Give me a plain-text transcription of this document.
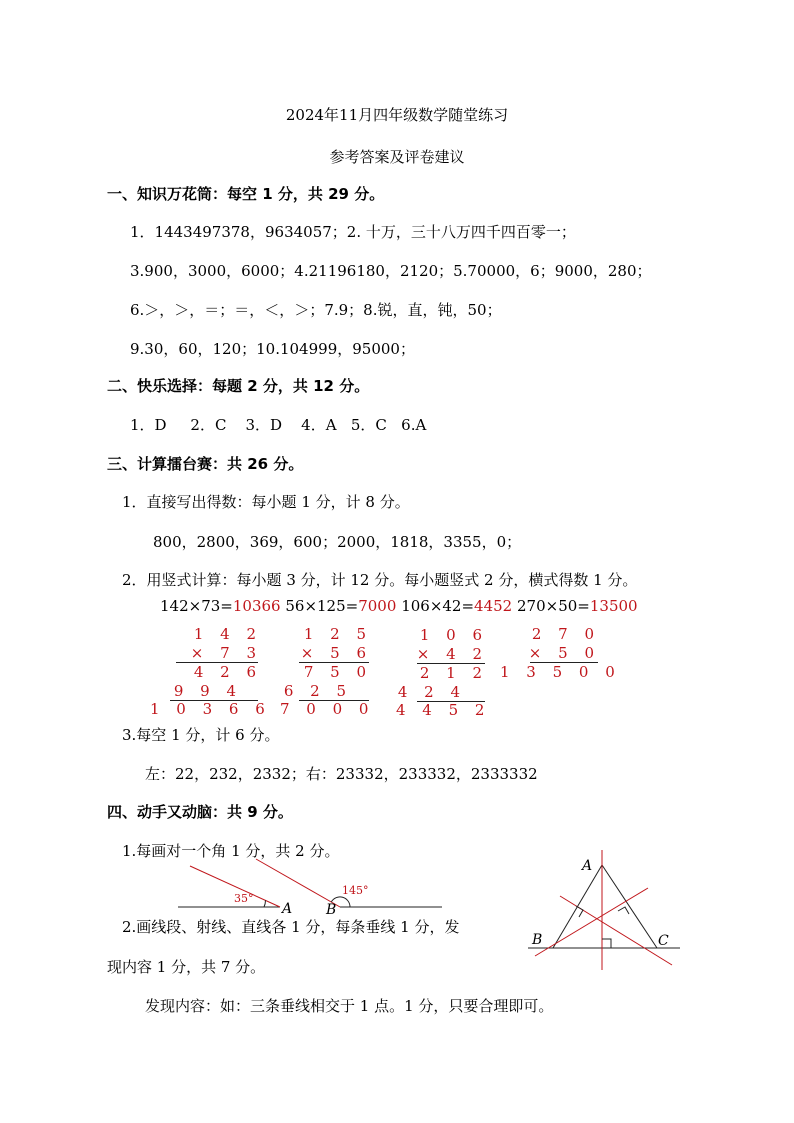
2024年11月四年级数学随堂练习
参考答案及评卷建议
一、知识万花筒：每空 1 分，共 29 分。
1．1443497378，9634057；2. 十万，三十八万四千四百零一；
3.900，3000，6000；4.21196180，2120；5.70000，6；9000，280；
6.＞，＞，＝；＝，＜，＞；7.9；8.锐，直，钝，50；
9.30，60，120；10.104999，95000；
二、快乐选择：每题 2 分，共 12 分。
1．D     2．C    3．D    4．A   5．C   6.A
三、计算擂台赛：共 26 分。
1．直接写出得数：每小题 1 分，计 8 分。
800，2800，369，600；2000，1818，3355，0；
2．用竖式计算：每小题 3 分，计 12 分。每小题竖式 2 分，横式得数 1 分。
142×73=10366 56×125=7000 106×42=4452 270×50=13500
1 4 2
× 7 3
4 2 6
9 9 4
1 0 3 6 6
1 2 5
× 5 6
7 5 0
6 2 5
7 0 0 0
1 0 6
× 4 2
2 1 2
4 2 4
4 4 5 2
2 7 0
× 5 0
1 3 5 0 0
3.每空 1 分，计 6 分。
左：22，232，2332；右：23332，233332，2333332
四、动手又动脑：共 9 分。
1.每画对一个角 1 分，共 2 分。
35°
A
145°
B
2.画线段、射线、直线各 1 分，每条垂线 1 分，发
现内容 1 分，共 7 分。
A
B	C
发现内容：如：三条垂线相交于 1 点。1 分，只要合理即可。
